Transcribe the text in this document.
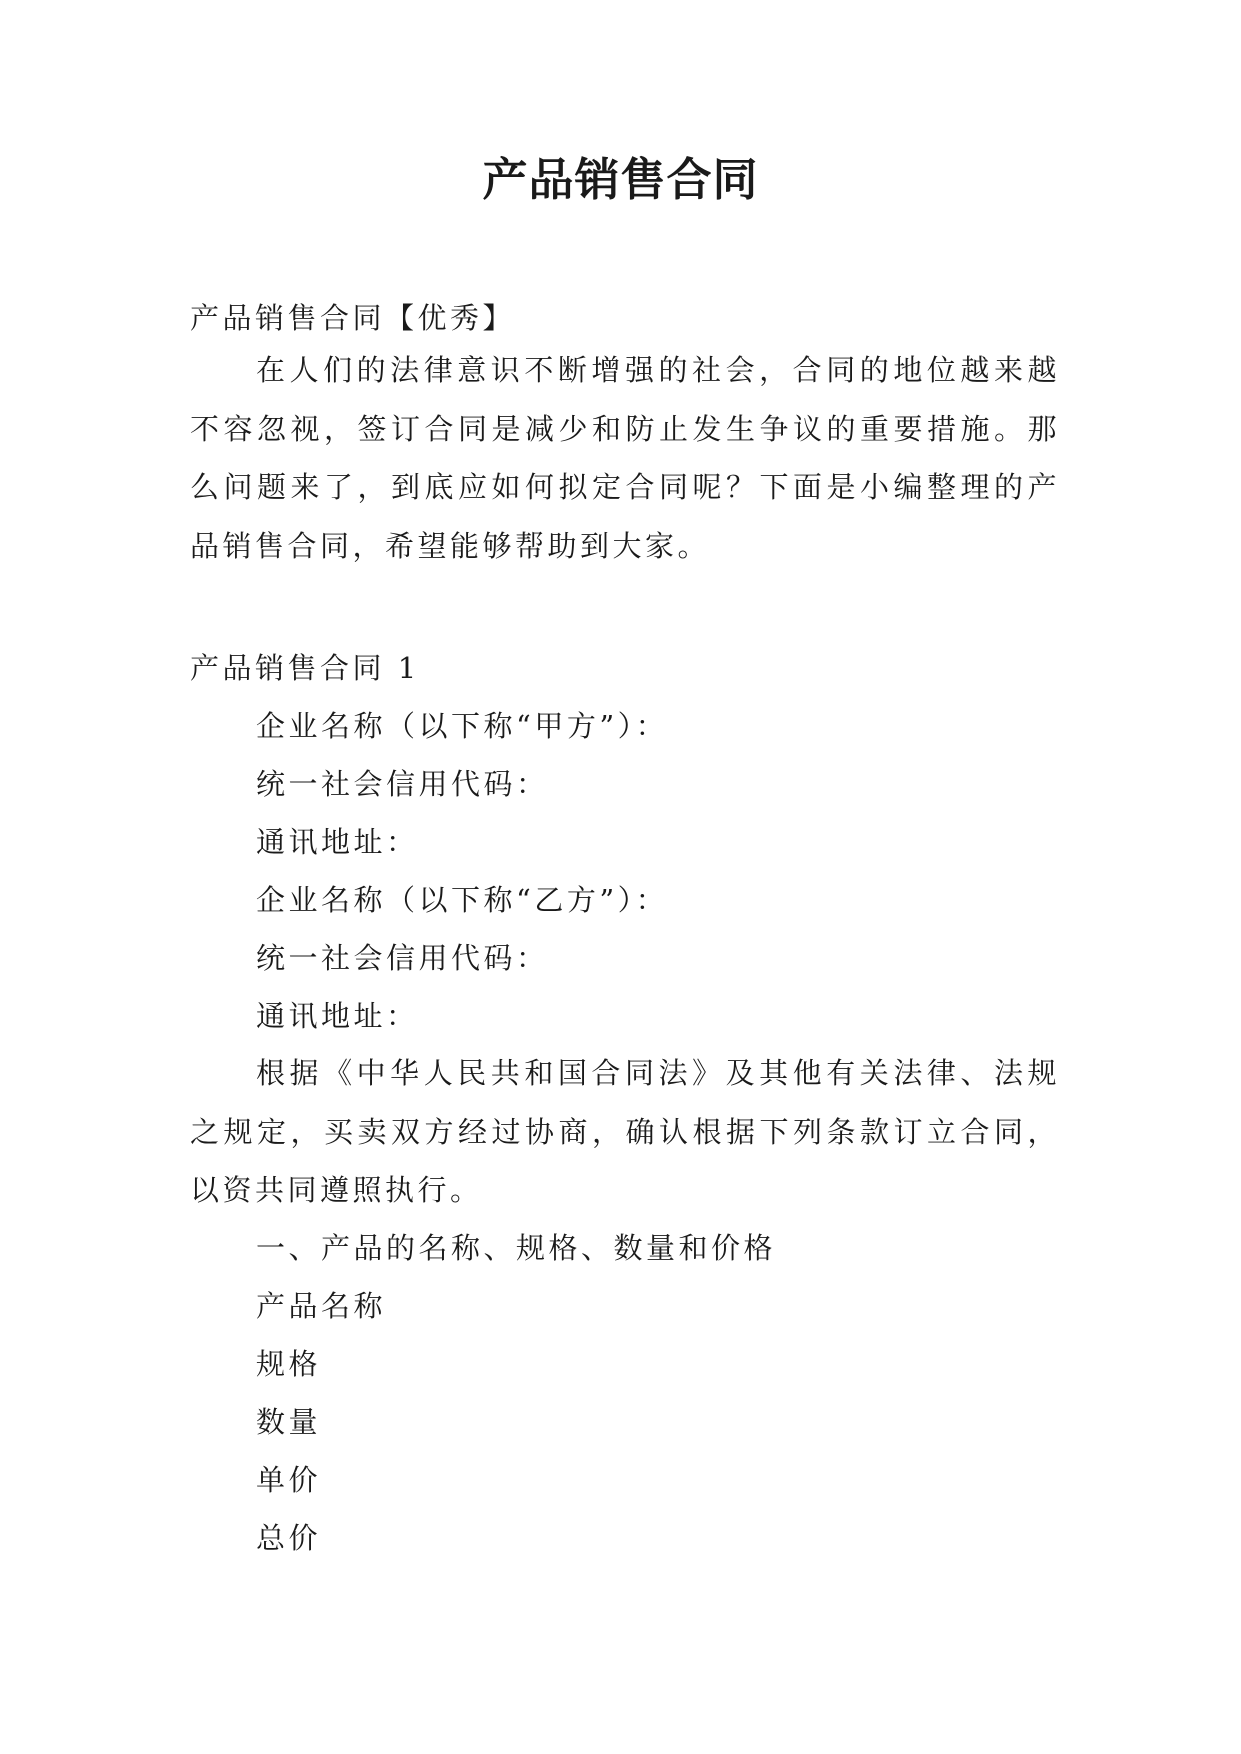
产品销售合同
产品销售合同【优秀】

在人们的法律意识不断增强的社会，合同的地位越来越不容忽视，签订合同是减少和防止发生争议的重要措施。那么问题来了，到底应如何拟定合同呢？下面是小编整理的产品销售合同，希望能够帮助到大家。

产品销售合同 1
企业名称（以下称“甲方”）：
统一社会信用代码：
通讯地址：
企业名称（以下称“乙方”）：
统一社会信用代码：
通讯地址：

根据《中华人民共和国合同法》及其他有关法律、法规之规定，买卖双方经过协商，确认根据下列条款订立合同，以资共同遵照执行。

一、产品的名称、规格、数量和价格
产品名称
规格
数量
单价
总价
